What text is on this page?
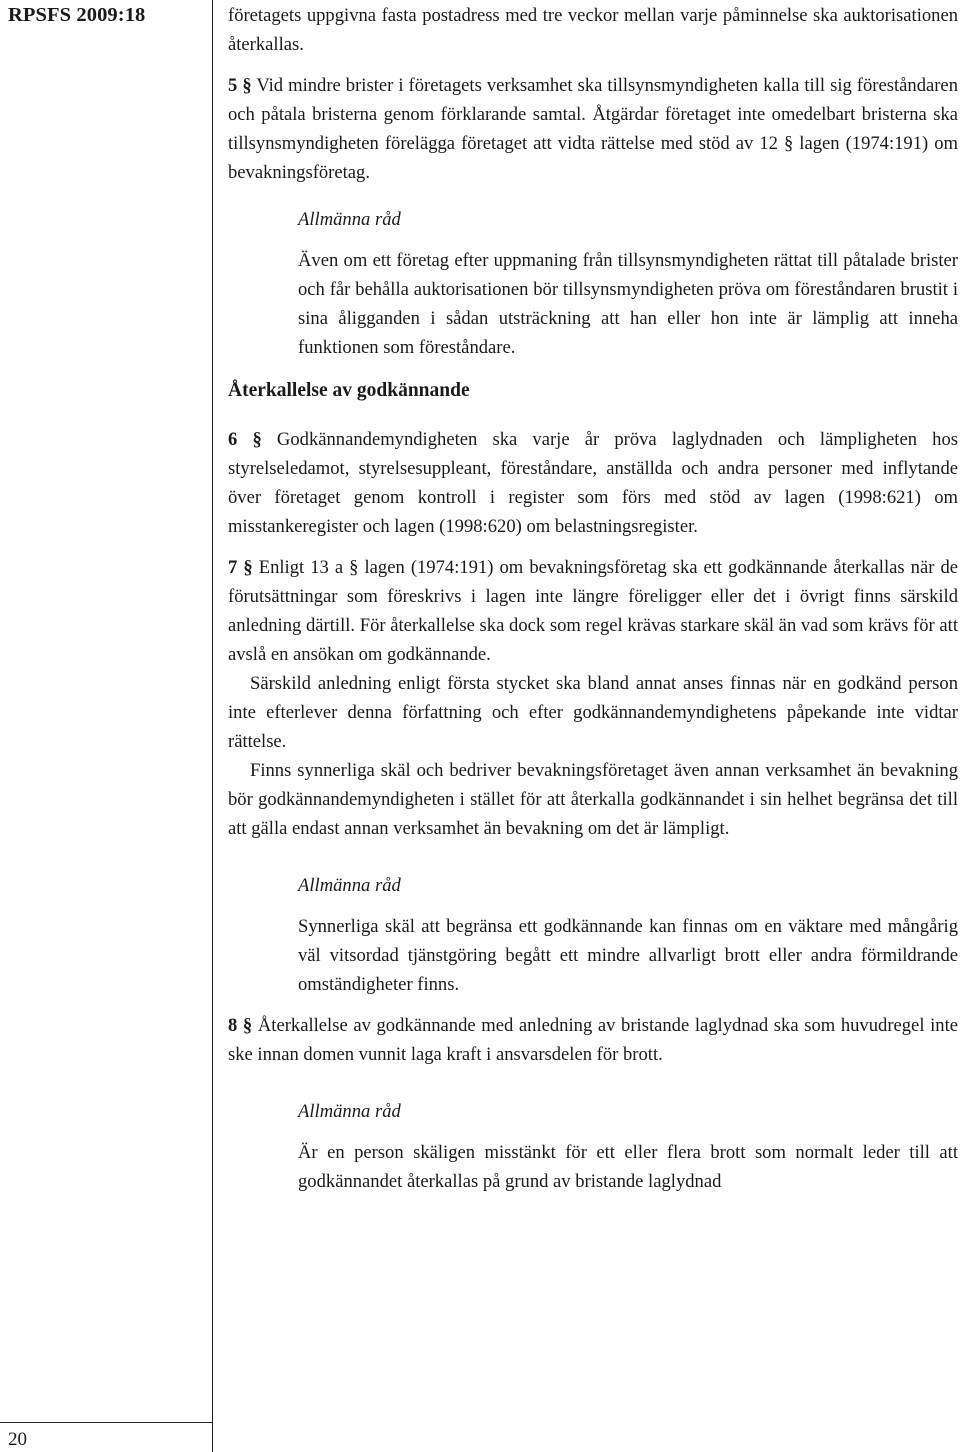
RPSFS 2009:18
20

företagets uppgivna fasta postadress med tre veckor mellan varje påminnelse ska auktorisationen återkallas.

5 § Vid mindre brister i företagets verksamhet ska tillsynsmyndigheten kalla till sig föreståndaren och påtala bristerna genom förklarande samtal. Åtgärdar företaget inte omedelbart bristerna ska tillsynsmyndigheten förelägga företaget att vidta rättelse med stöd av 12 § lagen (1974:191) om bevakningsföretag.

Allmänna råd

Även om ett företag efter uppmaning från tillsynsmyndigheten rättat till påtalade brister och får behålla auktorisationen bör tillsynsmyndigheten pröva om föreståndaren brustit i sina åligganden i sådan utsträckning att han eller hon inte är lämplig att inneha funktionen som föreståndare.

Återkallelse av godkännande

6 § Godkännandemyndigheten ska varje år pröva laglydnaden och lämpligheten hos styrelseledamot, styrelsesuppleant, föreståndare, anställda och andra personer med inflytande över företaget genom kontroll i register som förs med stöd av lagen (1998:621) om misstankeregister och lagen (1998:620) om belastningsregister.

7 § Enligt 13 a § lagen (1974:191) om bevakningsföretag ska ett godkännande återkallas när de förutsättningar som föreskrivs i lagen inte längre föreligger eller det i övrigt finns särskild anledning därtill. För återkallelse ska dock som regel krävas starkare skäl än vad som krävs för att avslå en ansökan om godkännande.

Särskild anledning enligt första stycket ska bland annat anses finnas när en godkänd person inte efterlever denna författning och efter godkännandemyndighetens påpekande inte vidtar rättelse.

Finns synnerliga skäl och bedriver bevakningsföretaget även annan verksamhet än bevakning bör godkännandemyndigheten i stället för att återkalla godkännandet i sin helhet begränsa det till att gälla endast annan verksamhet än bevakning om det är lämpligt.

Allmänna råd

Synnerliga skäl att begränsa ett godkännande kan finnas om en väktare med mångårig väl vitsordad tjänstgöring begått ett mindre allvarligt brott eller andra förmildrande omständigheter finns.

8 § Återkallelse av godkännande med anledning av bristande laglydnad ska som huvudregel inte ske innan domen vunnit laga kraft i ansvarsdelen för brott.

Allmänna råd

Är en person skäligen misstänkt för ett eller flera brott som normalt leder till att godkännandet återkallas på grund av bristande laglydnad
